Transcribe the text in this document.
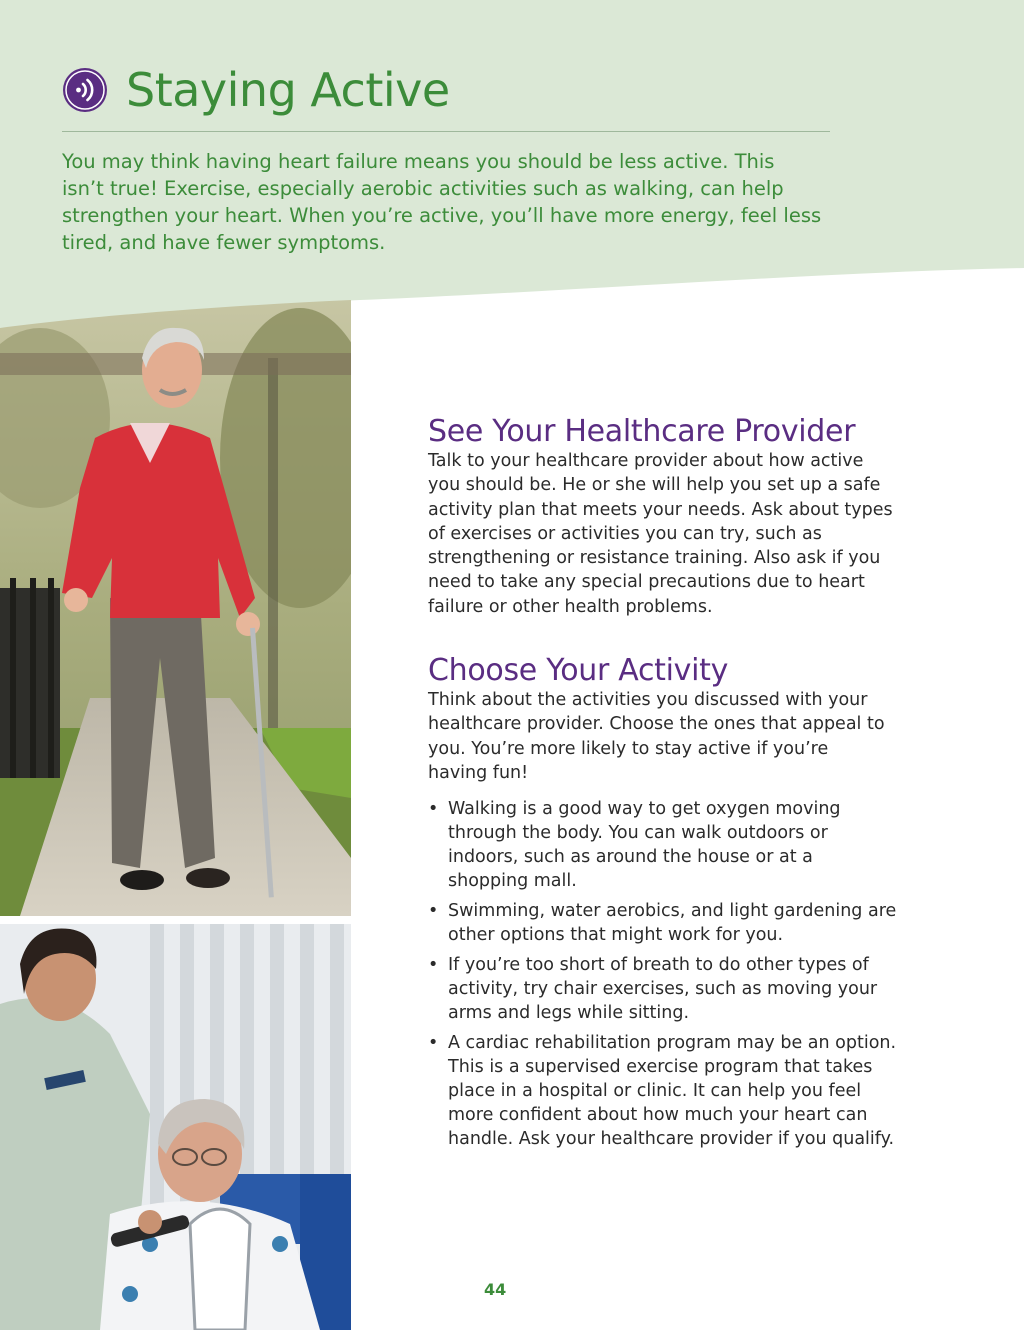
Staying Active

You may think having heart failure means you should be less active. This isn’t true! Exercise, especially aerobic activities such as walking, can help strengthen your heart. When you’re active, you’ll have more energy, feel less tired, and have fewer symptoms.

See Your Healthcare Provider

Talk to your healthcare provider about how active you should be. He or she will help you set up a safe activity plan that meets your needs. Ask about types of exercises or activities you can try, such as strengthening or resistance training. Also ask if you need to take any special precautions due to heart failure or other health problems.

Choose Your Activity

Think about the activities you discussed with your healthcare provider. Choose the ones that appeal to you. You’re more likely to stay active if you’re having fun!

• Walking is a good way to get oxygen moving through the body. You can walk outdoors or indoors, such as around the house or at a shopping mall.
• Swimming, water aerobics, and light gardening are other options that might work for you.
• If you’re too short of breath to do other types of activity, try chair exercises, such as moving your arms and legs while sitting.
• A cardiac rehabilitation program may be an option. This is a supervised exercise program that takes place in a hospital or clinic. It can help you feel more confident about how much your heart can handle. Ask your healthcare provider if you qualify.
44
